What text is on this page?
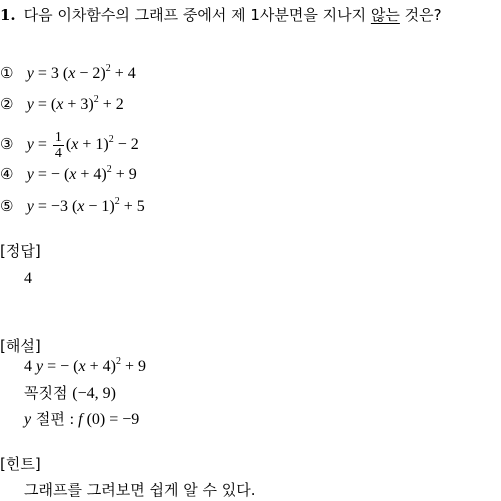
1. 다음 이차함수의 그래프 중에서 제 1사분면을 지나지 않는 것은?
① y = 3 $(x - 2)^2 + 4$
② $y = (x + 3)^2 + 2$
③ $y = \frac{1}{4} (x + 1)^2 - 2$
④ y = − $(x + 4)^2 + 9$
⑤ y = −3 $(x - 1)^2 + 5$
[정답]
4
[해설]
4 y = − $(x + 4)^2 + 9$
꼭짓점 (−4, 9)
y 절편 : f (0) = −9
[힌트]
그래프를 그려보면 쉽게 알 수 있다.
